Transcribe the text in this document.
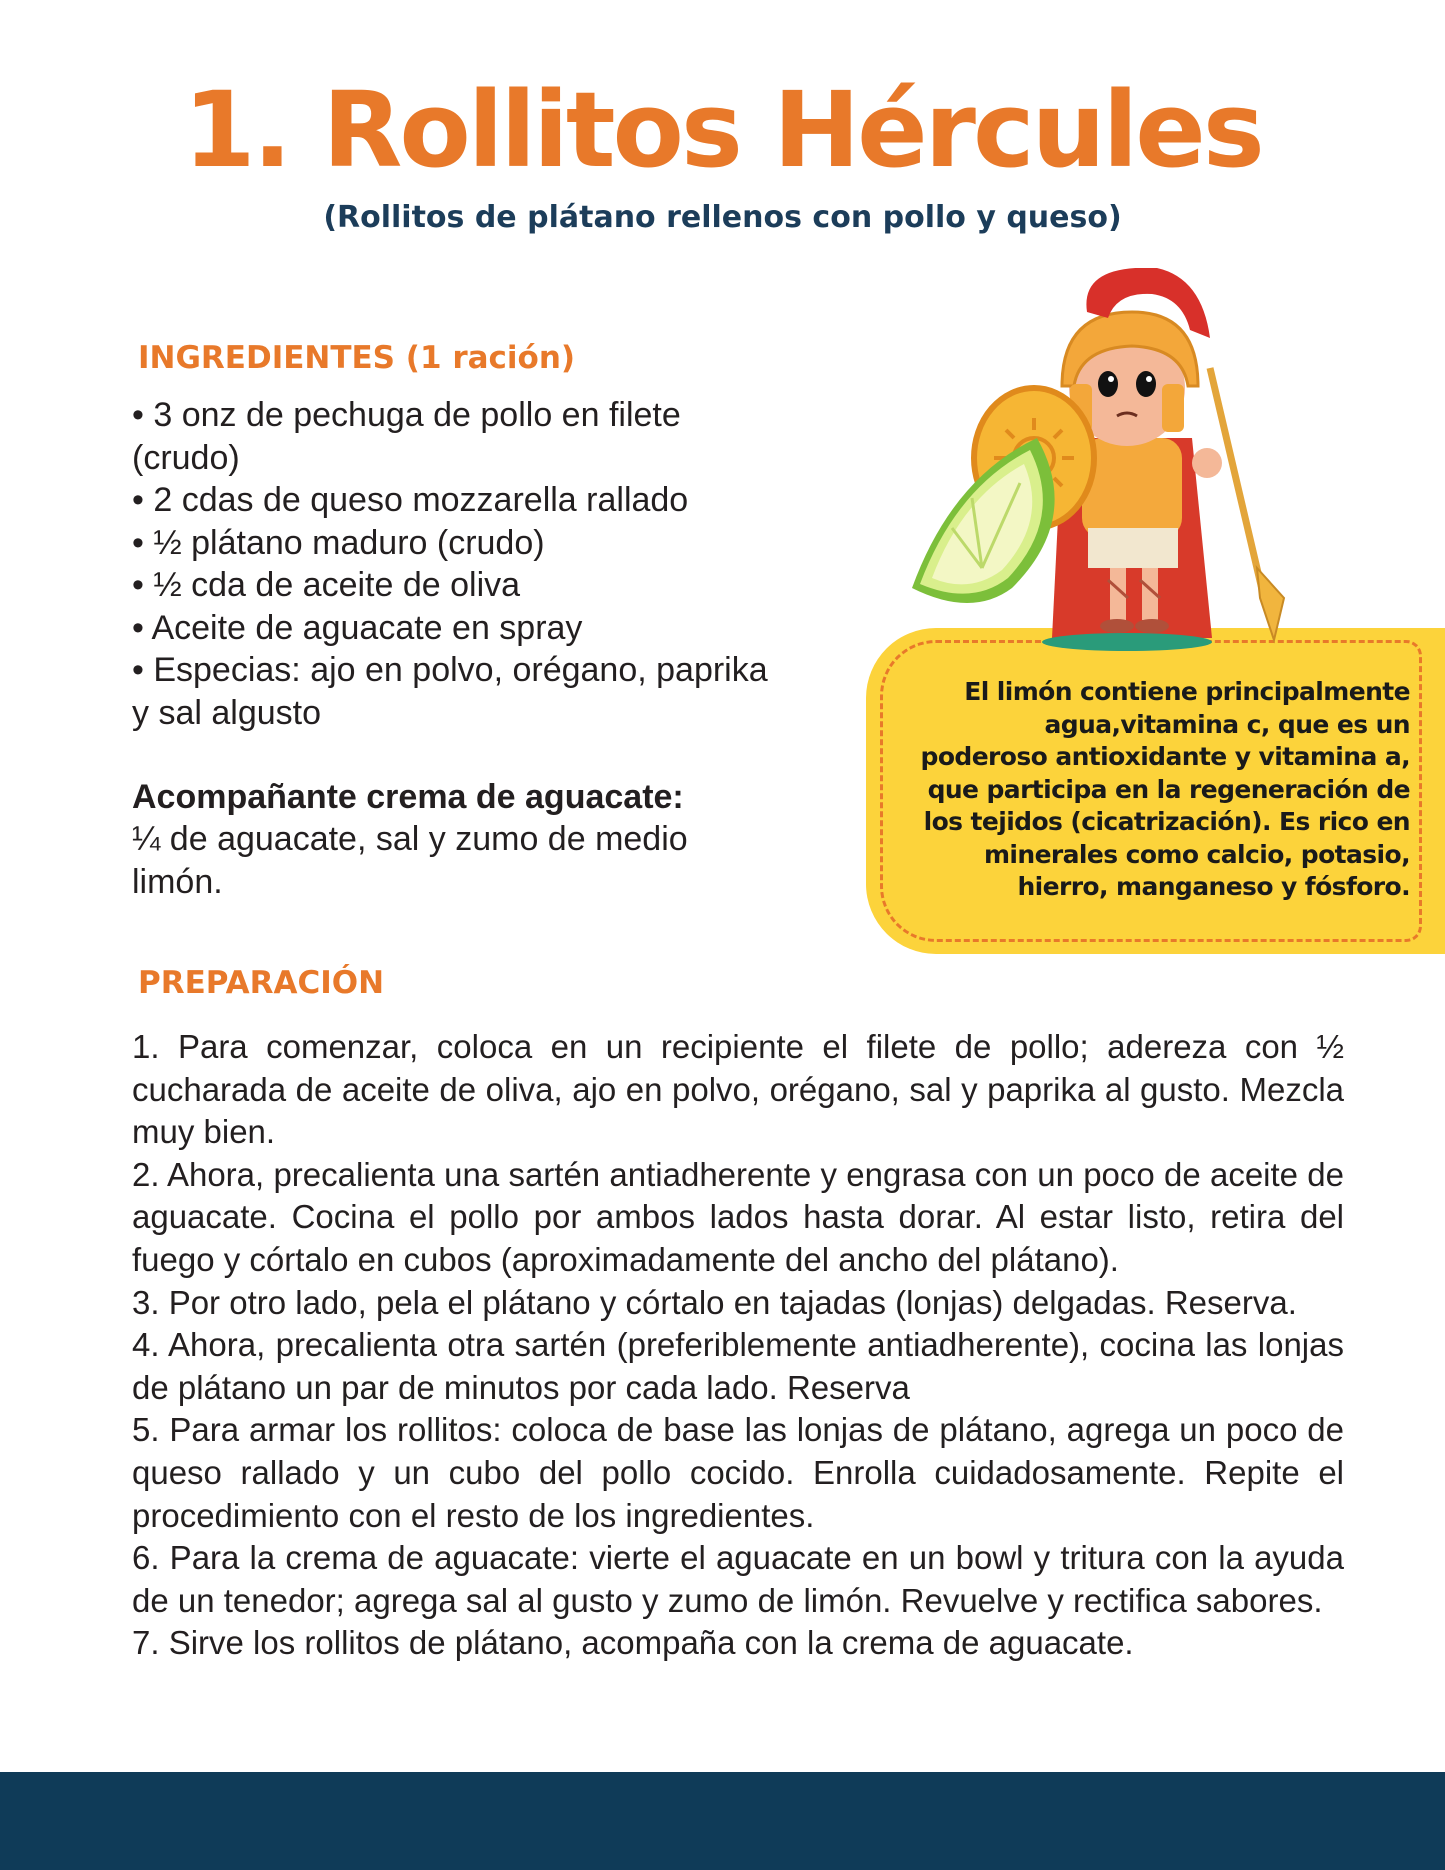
1. Rollitos Hércules
(Rollitos de plátano rellenos con pollo y queso)
INGREDIENTES (1 ración)
• 3 onz de pechuga de pollo en filete (crudo)
• 2 cdas de queso mozzarella rallado
• ½ plátano maduro (crudo)
• ½ cda de aceite de oliva
• Aceite de aguacate en spray
• Especias: ajo en polvo, orégano, paprika y sal algusto
Acompañante crema de aguacate:
¼ de aguacate, sal y zumo de medio limón.
El limón contiene principalmente agua,vitamina c, que es un poderoso antioxidante y vitamina a, que participa en la regeneración de los tejidos (cicatrización). Es rico en minerales como calcio, potasio, hierro, manganeso y fósforo.
PREPARACIÓN

1. Para comenzar, coloca en un recipiente el filete de pollo; adereza con ½ cucharada de aceite de oliva, ajo en polvo, orégano, sal y paprika al gusto. Mezcla muy bien.

2. Ahora, precalienta una sartén antiadherente y engrasa con un poco de aceite de aguacate. Cocina el pollo por ambos lados hasta dorar. Al estar listo, retira del fuego y córtalo en cubos (aproximadamente del ancho del plátano).

3. Por otro lado, pela el plátano y córtalo en tajadas (lonjas) delgadas. Reserva.

4. Ahora, precalienta otra sartén (preferiblemente antiadherente), cocina las lonjas de plátano un par de minutos por cada lado. Reserva

5. Para armar los rollitos: coloca de base las lonjas de plátano, agrega un poco de queso rallado y un cubo del pollo cocido. Enrolla cuidadosamente. Repite el procedimiento con el resto de los ingredientes.

6. Para la crema de aguacate: vierte el aguacate en un bowl y tritura con la ayuda de un tenedor; agrega sal al gusto y zumo de limón. Revuelve y rectifica sabores.

7. Sirve los rollitos de plátano, acompaña con la crema de aguacate.
